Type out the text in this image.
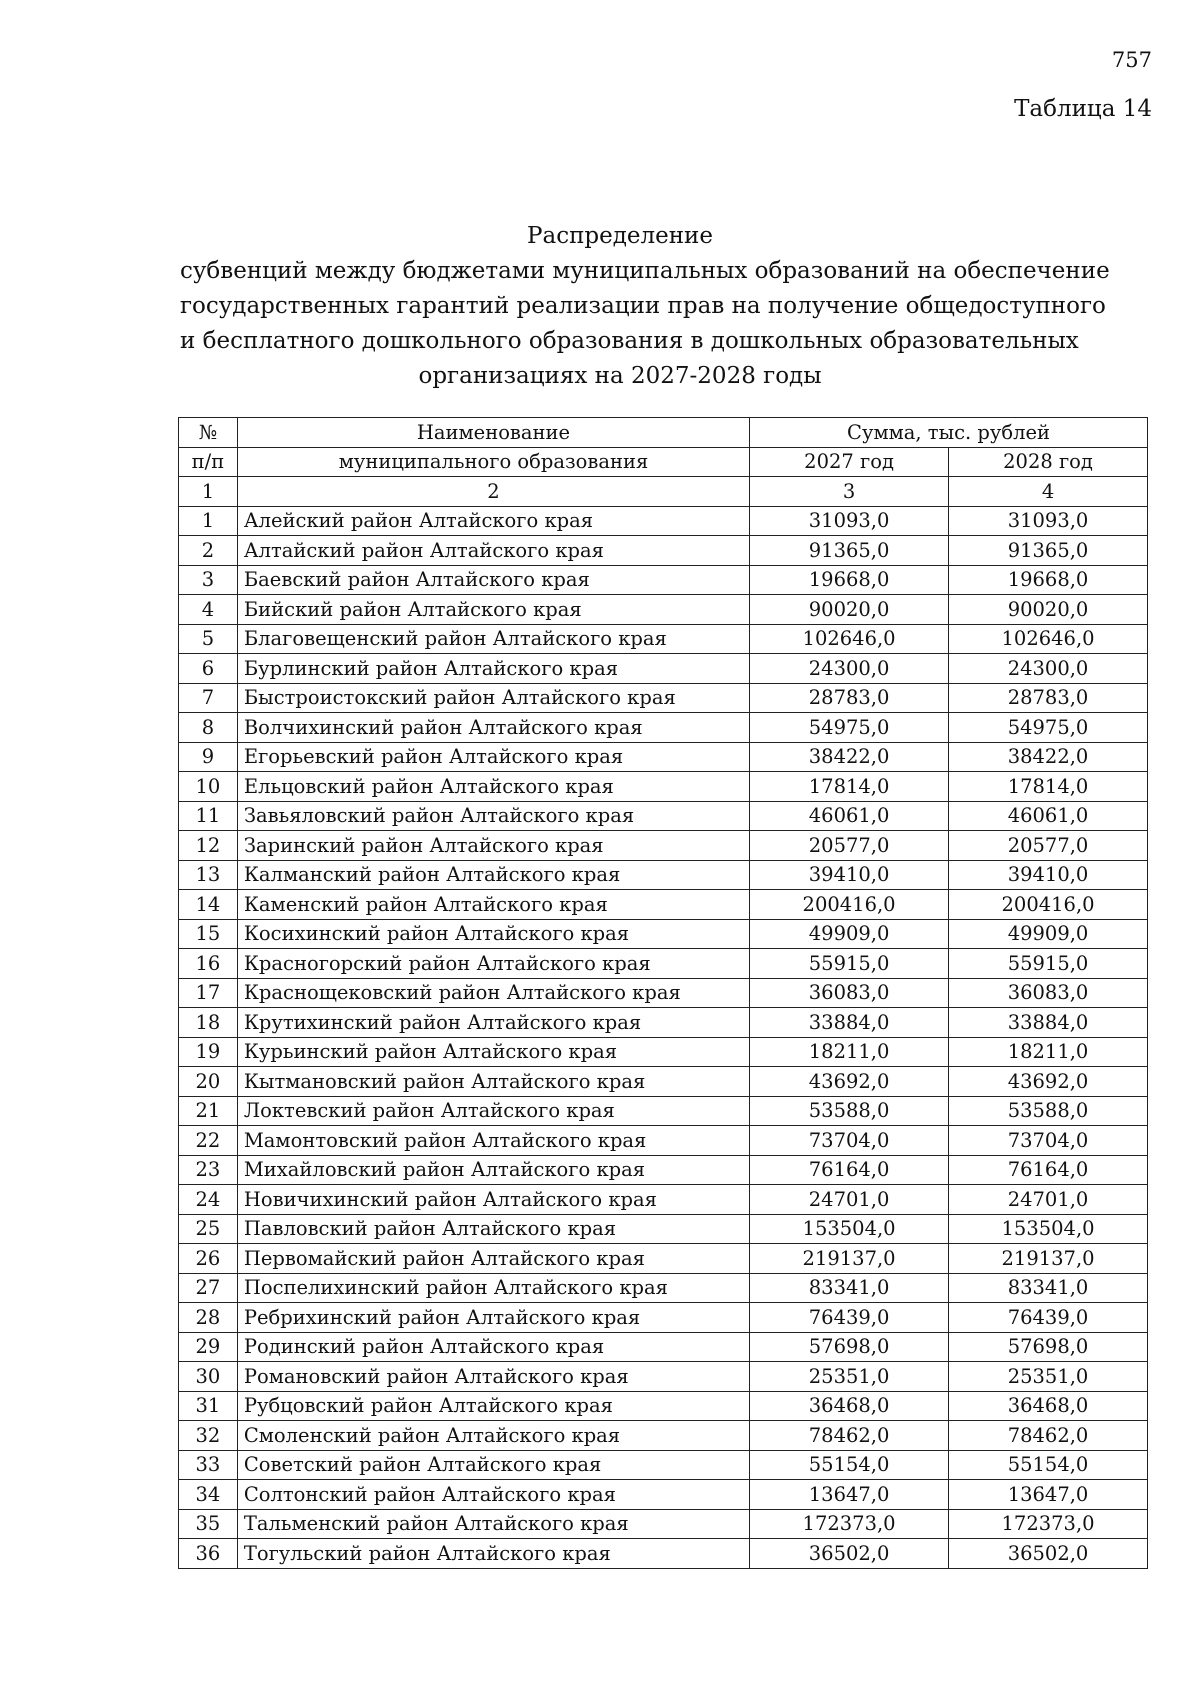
757
Таблица 14
Распределение
субвенций между бюджетами муниципальных образований на обеспечение
государственных гарантий реализации прав на получение общедоступного
и бесплатного дошкольного образования в дошкольных образовательных
организациях на 2027-2028 годы
№	Наименование	Сумма, тыс. рублей	
п/п	муниципального образования	2027 год	2028 год
1	2	3	4
1	Алейский район Алтайского края	31093,0	31093,0
2	Алтайский район Алтайского края	91365,0	91365,0
3	Баевский район Алтайского края	19668,0	19668,0
4	Бийский район Алтайского края	90020,0	90020,0
5	Благовещенский район Алтайского края	102646,0	102646,0
6	Бурлинский район Алтайского края	24300,0	24300,0
7	Быстроистокский район Алтайского края	28783,0	28783,0
8	Волчихинский район Алтайского края	54975,0	54975,0
9	Егорьевский район Алтайского края	38422,0	38422,0
10	Ельцовский район Алтайского края	17814,0	17814,0
11	Завьяловский район Алтайского края	46061,0	46061,0
12	Заринский район Алтайского края	20577,0	20577,0
13	Калманский район Алтайского края	39410,0	39410,0
14	Каменский район Алтайского края	200416,0	200416,0
15	Косихинский район Алтайского края	49909,0	49909,0
16	Красногорский район Алтайского края	55915,0	55915,0
17	Краснощековский район Алтайского края	36083,0	36083,0
18	Крутихинский район Алтайского края	33884,0	33884,0
19	Курьинский район Алтайского края	18211,0	18211,0
20	Кытмановский район Алтайского края	43692,0	43692,0
21	Локтевский район Алтайского края	53588,0	53588,0
22	Мамонтовский район Алтайского края	73704,0	73704,0
23	Михайловский район Алтайского края	76164,0	76164,0
24	Новичихинский район Алтайского края	24701,0	24701,0
25	Павловский район Алтайского края	153504,0	153504,0
26	Первомайский район Алтайского края	219137,0	219137,0
27	Поспелихинский район Алтайского края	83341,0	83341,0
28	Ребрихинский район Алтайского края	76439,0	76439,0
29	Родинский район Алтайского края	57698,0	57698,0
30	Романовский район Алтайского края	25351,0	25351,0
31	Рубцовский район Алтайского края	36468,0	36468,0
32	Смоленский район Алтайского края	78462,0	78462,0
33	Советский район Алтайского края	55154,0	55154,0
34	Солтонский район Алтайского края	13647,0	13647,0
35	Тальменский район Алтайского края	172373,0	172373,0
36	Тогульский район Алтайского края	36502,0	36502,0
